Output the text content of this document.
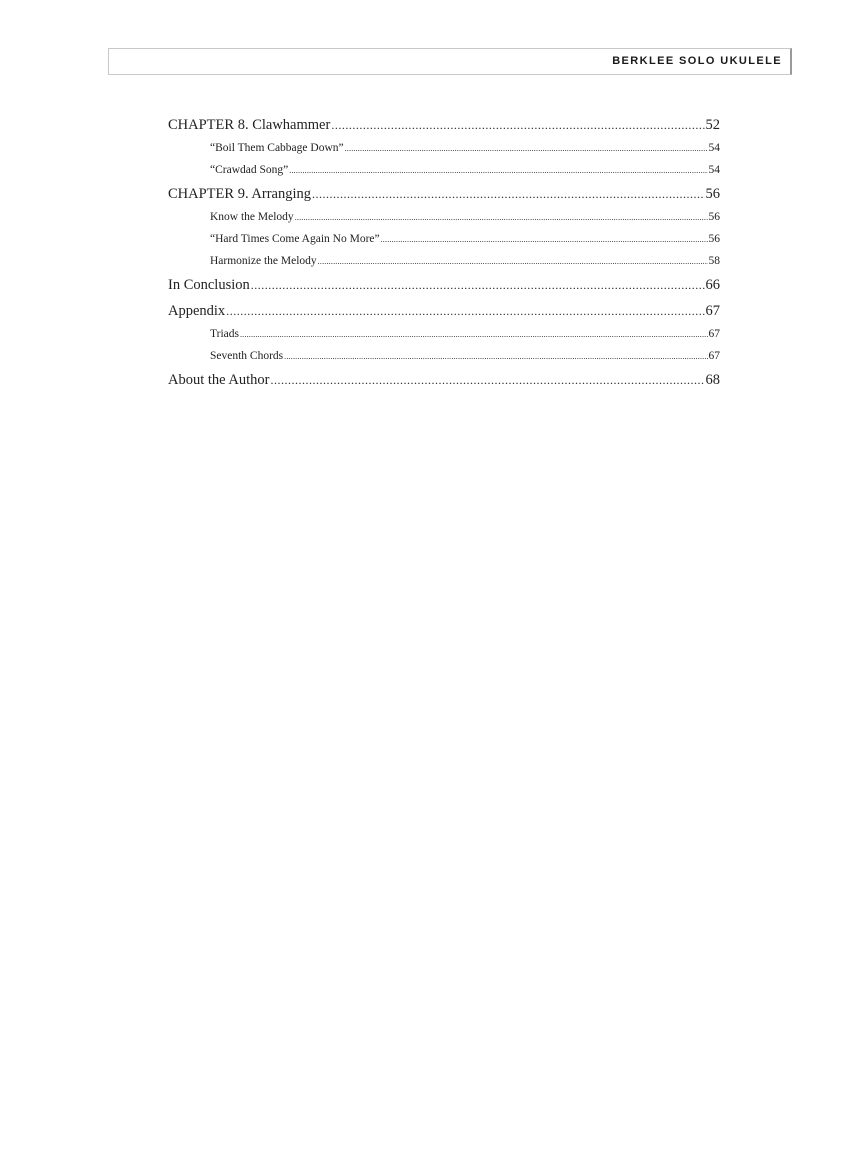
BERKLEE SOLO UKULELE
CHAPTER 8. Clawhammer .....	52
“Boil Them Cabbage Down” .....	54
“Crawdad Song” .....	54
CHAPTER 9. Arranging .....	56
Know the Melody .....	56
“Hard Times Come Again No More” .....	56
Harmonize the Melody .....	58
In Conclusion .....	66
Appendix .....	67
Triads .....	67
Seventh Chords .....	67
About the Author .....	68
